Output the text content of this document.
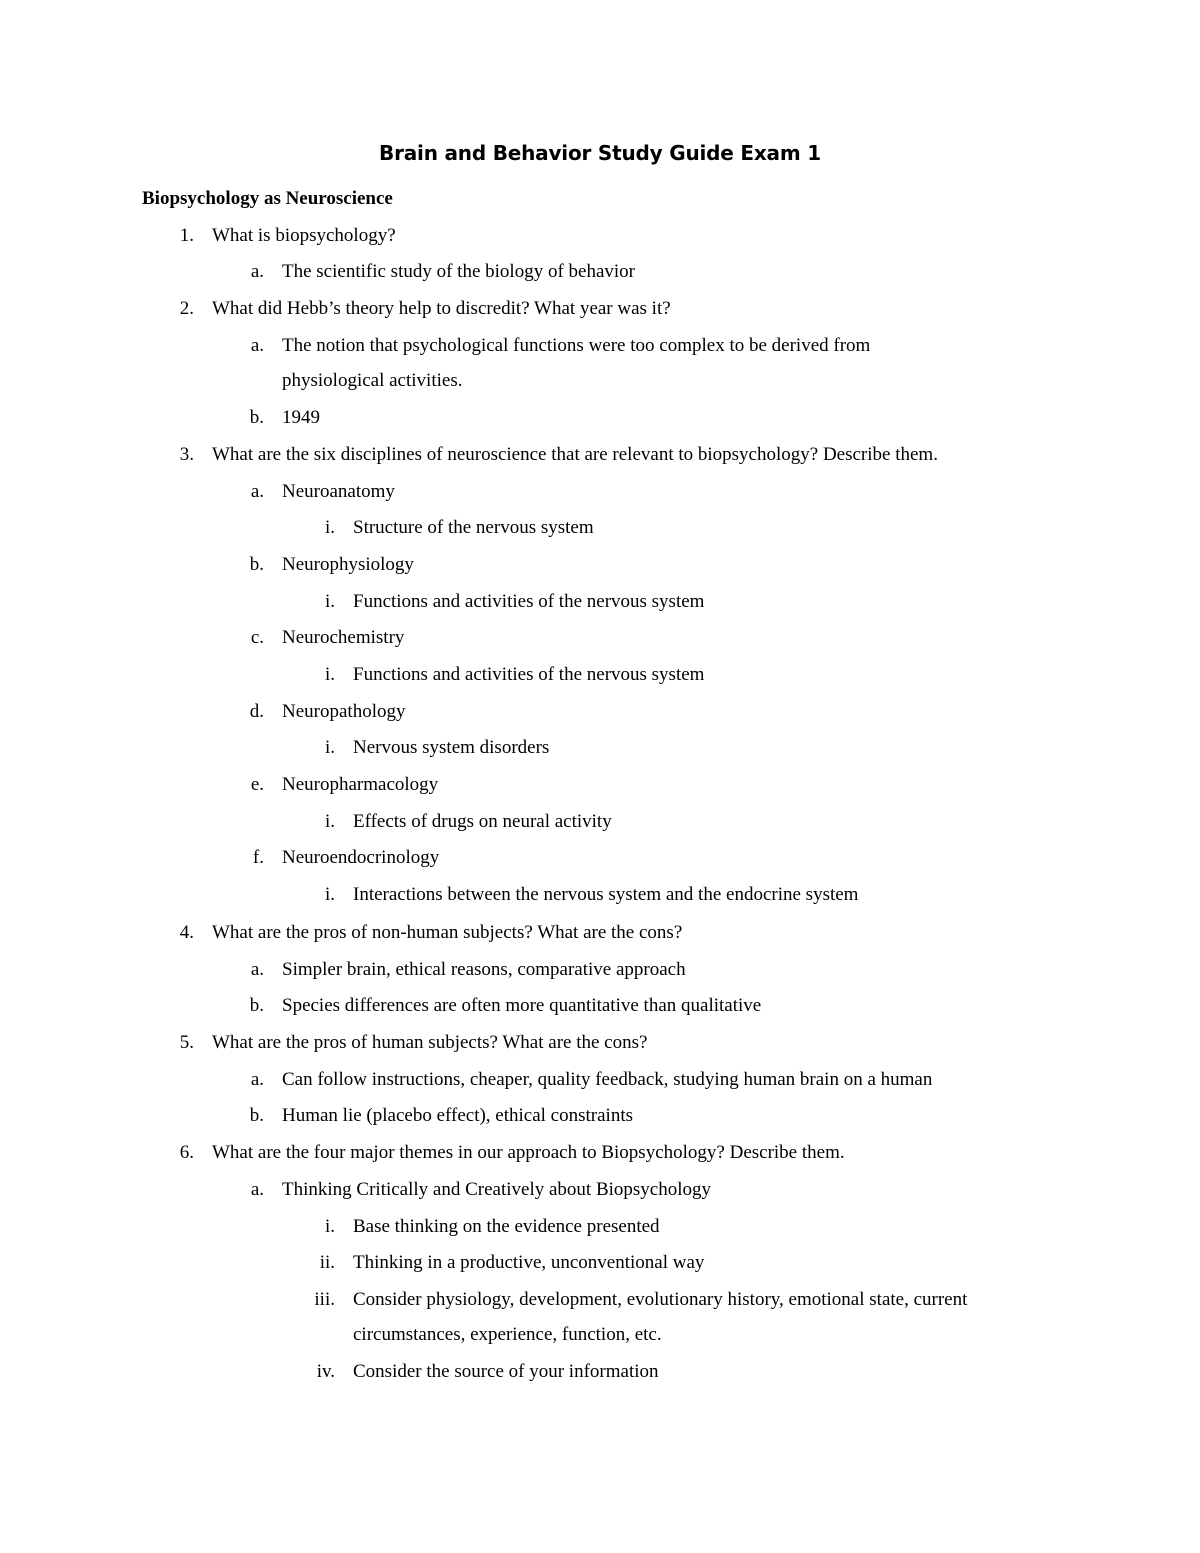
Brain and Behavior Study Guide Exam 1
Biopsychology as Neuroscience
1. What is biopsychology?
a. The scientific study of the biology of behavior
2. What did Hebb’s theory help to discredit? What year was it?
a. The notion that psychological functions were too complex to be derived from
physiological activities.
b. 1949
3. What are the six disciplines of neuroscience that are relevant to biopsychology? Describe them.
a. Neuroanatomy
i. Structure of the nervous system
b. Neurophysiology
i. Functions and activities of the nervous system
c. Neurochemistry
i. Functions and activities of the nervous system
d. Neuropathology
i. Nervous system disorders
e. Neuropharmacology
i. Effects of drugs on neural activity
f. Neuroendocrinology
i. Interactions between the nervous system and the endocrine system
4. What are the pros of non-human subjects? What are the cons?
a. Simpler brain, ethical reasons, comparative approach
b. Species differences are often more quantitative than qualitative
5. What are the pros of human subjects? What are the cons?
a. Can follow instructions, cheaper, quality feedback, studying human brain on a human
b. Human lie (placebo effect), ethical constraints
6. What are the four major themes in our approach to Biopsychology? Describe them.
a. Thinking Critically and Creatively about Biopsychology
i. Base thinking on the evidence presented
ii. Thinking in a productive, unconventional way
iii. Consider physiology, development, evolutionary history, emotional state, current
circumstances, experience, function, etc.
iv. Consider the source of your information
